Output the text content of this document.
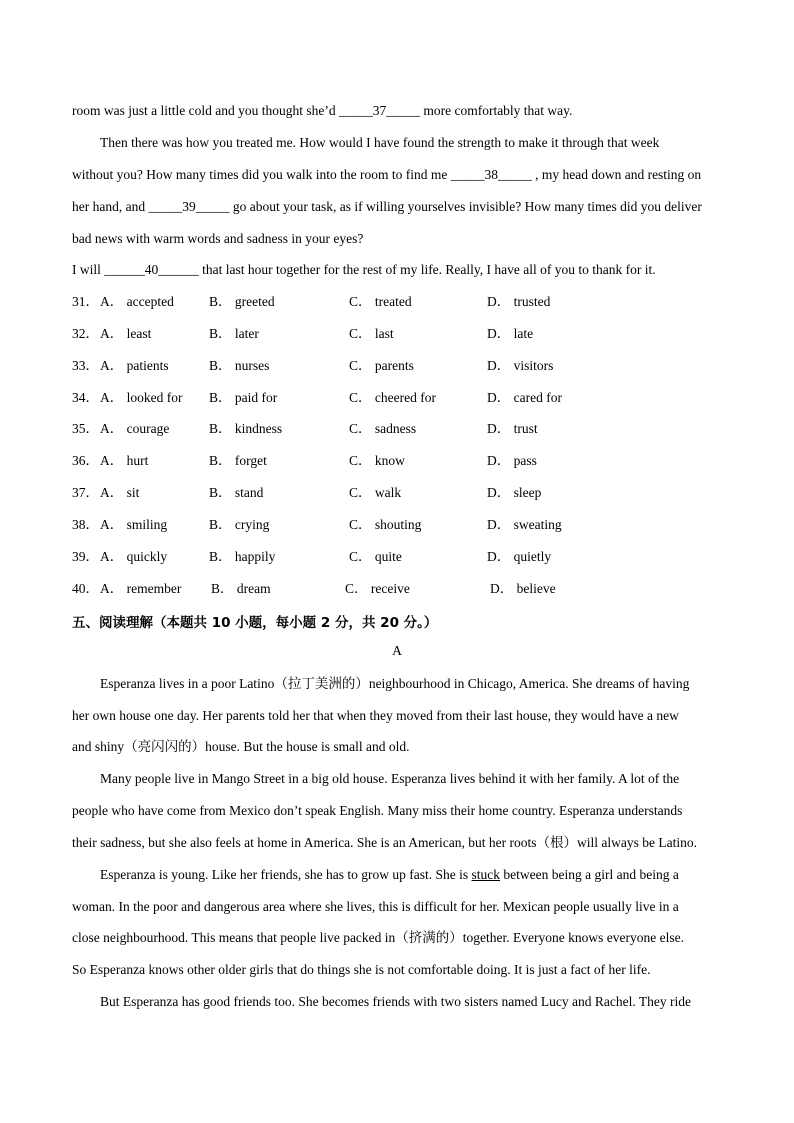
room was just a little cold and you thought she’d _____37_____ more comfortably that way.
Then there was how you treated me. How would I have found the strength to make it through that week
without you? How many times did you walk into the room to find me _____38_____ , my head down and resting on
her hand, and _____39_____ go about your task, as if willing yourselves invisible? How many times did you deliver
bad news with warm words and sadness in your eyes?
I will ______40______ that last hour together for the rest of my life. Really, I have all of you to thank for it.
31． A． accepted	B． greeted	C． treated	D． trusted
32． A． least	B． later	C． last	D． late
33． A． patients	B． nurses	C． parents	D． visitors
34． A． looked for B． paid for	C． cheered for	D． cared for
35． A． courage	B． kindness	C． sadness	D． trust
36． A． hurt	B． forget	C． know	D． pass
37． A． sit	B． stand	C． walk	D． sleep
38． A． smiling	B． crying	C． shouting	D． sweating
39． A． quickly	B． happily	C． quite	D． quietly
40． A． remember B． dream	C． receive	D． believe
五、阅读理解（本题共 10 小题，每小题 2 分，共 20 分。）
A
Esperanza lives in a poor Latino（拉丁美洲的）neighbourhood in Chicago, America. She dreams of having
her own house one day. Her parents told her that when they moved from their last house, they would have a new
and shiny（亮闪闪的）house. But the house is small and old.
Many people live in Mango Street in a big old house. Esperanza lives behind it with her family. A lot of the
people who have come from Mexico don’t speak English. Many miss their home country. Esperanza understands
their sadness, but she also feels at home in America. She is an American, but her roots（根）will always be Latino.
Esperanza is young. Like her friends, she has to grow up fast. She is stuck between being a girl and being a
woman. In the poor and dangerous area where she lives, this is difficult for her. Mexican people usually live in a
close neighbourhood. This means that people live packed in（挤满的）together. Everyone knows everyone else.
So Esperanza knows other older girls that do things she is not comfortable doing. It is just a fact of her life.
But Esperanza has good friends too. She becomes friends with two sisters named Lucy and Rachel. They ride
